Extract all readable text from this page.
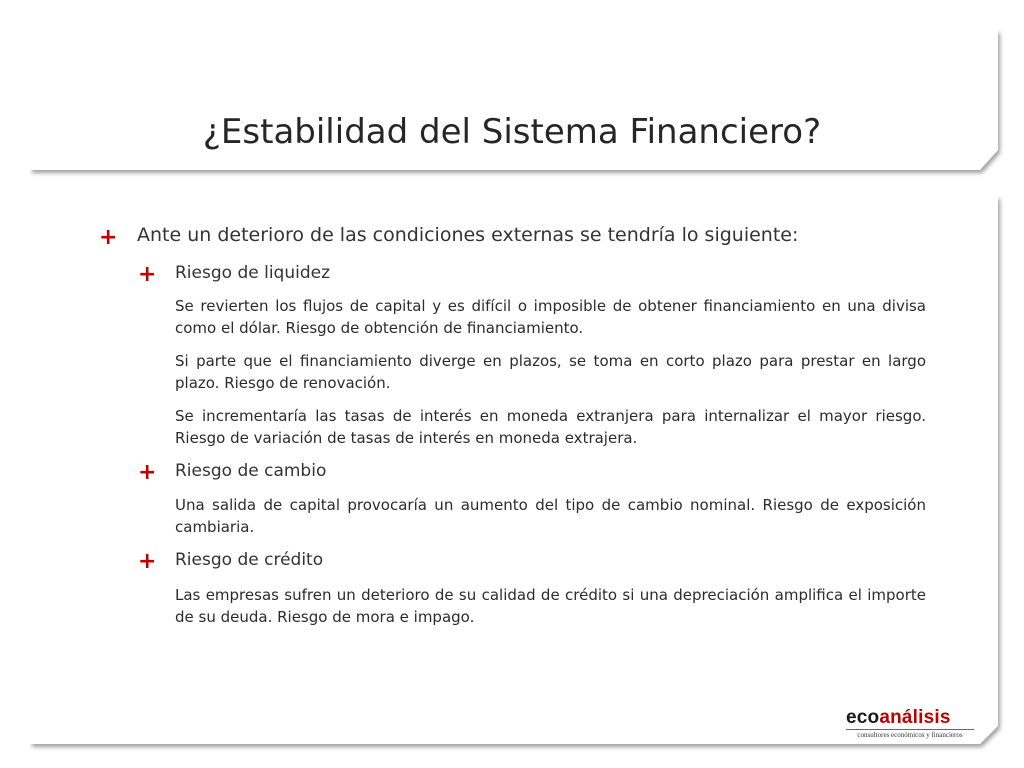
¿Estabilidad del Sistema Financiero?
+ Ante un deterioro de las condiciones externas se tendría lo siguiente:
+ Riesgo de liquidez
Se revierten los flujos de capital y es difícil o imposible de obtener financiamiento en una divisa como el dólar. Riesgo de obtención de financiamiento.
Si parte que el financiamiento diverge en plazos, se toma en corto plazo para prestar en largo plazo. Riesgo de renovación.
Se incrementaría las tasas de interés en moneda extranjera para internalizar el mayor riesgo. Riesgo de variación de tasas de interés en moneda extrajera.
+ Riesgo de cambio
Una salida de capital provocaría un aumento del tipo de cambio nominal. Riesgo de exposición cambiaria.
+ Riesgo de crédito
Las empresas sufren un deterioro de su calidad de crédito si una depreciación amplifica el importe de su deuda. Riesgo de mora e impago.
ecoanálisis
consultores económicos y financieros
